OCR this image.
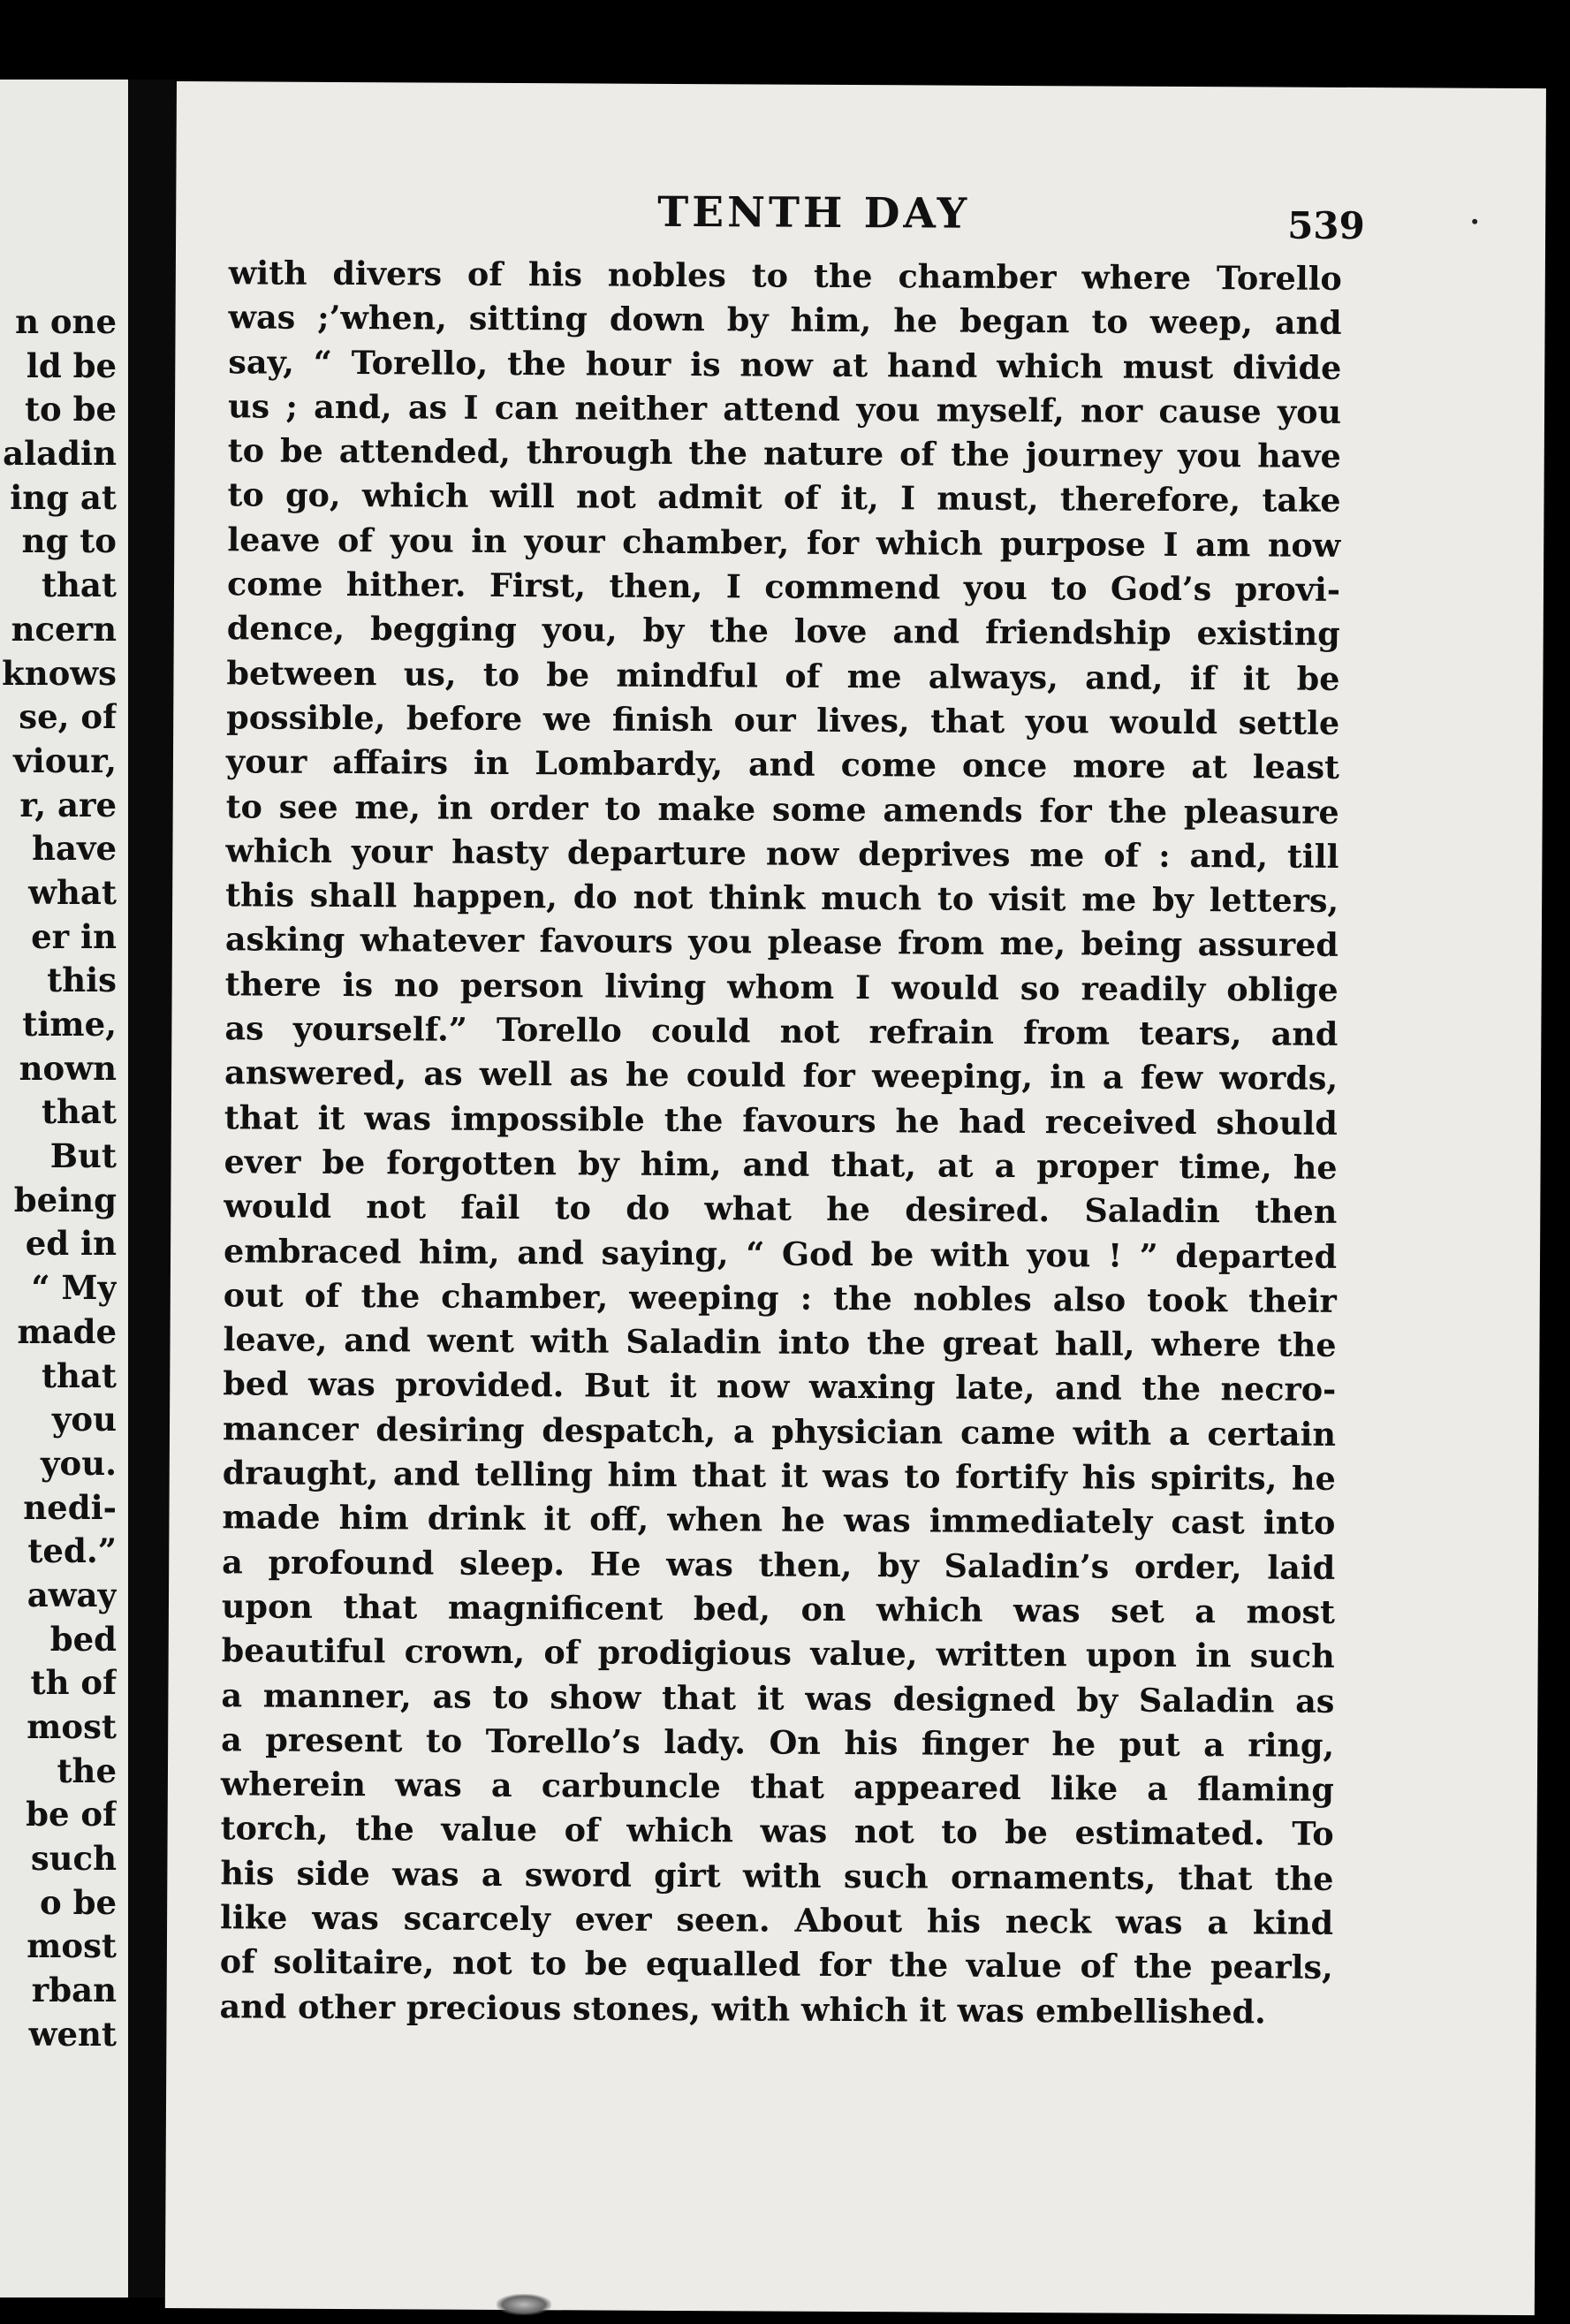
n one
ld be
to be
aladin
ing at
ng to
that
ncern
knows
se, of
viour,
r, are
have
what
er in
this
time,
nown
that
But
being
ed in
“ My
made
that
you
you.
nedi-
ted.”
away
bed
th of
most
the
be of
such
o be
most
rban
went
TENTH DAY	539
with divers of his nobles to the chamber where Torello
was ;’when, sitting down by him, he began to weep, and
say, “ Torello, the hour is now at hand which must divide
us ; and, as I can neither attend you myself, nor cause you
to be attended, through the nature of the journey you have
to go, which will not admit of it, I must, therefore, take
leave of you in your chamber, for which purpose I am now
come hither. First, then, I commend you to God’s provi-
dence, begging you, by the love and friendship existing
between us, to be mindful of me always, and, if it be
possible, before we finish our lives, that you would settle
your affairs in Lombardy, and come once more at least
to see me, in order to make some amends for the pleasure
which your hasty departure now deprives me of : and, till
this shall happen, do not think much to visit me by letters,
asking whatever favours you please from me, being assured
there is no person living whom I would so readily oblige
as yourself.” Torello could not refrain from tears, and
answered, as well as he could for weeping, in a few words,
that it was impossible the favours he had received should
ever be forgotten by him, and that, at a proper time, he
would not fail to do what he desired. Saladin then
embraced him, and saying, “ God be with you ! ” departed
out of the chamber, weeping : the nobles also took their
leave, and went with Saladin into the great hall, where the
bed was provided. But it now waxing late, and the necro-
mancer desiring despatch, a physician came with a certain
draught, and telling him that it was to fortify his spirits, he
made him drink it off, when he was immediately cast into
a profound sleep. He was then, by Saladin’s order, laid
upon that magnificent bed, on which was set a most
beautiful crown, of prodigious value, written upon in such
a manner, as to show that it was designed by Saladin as
a present to Torello’s lady. On his finger he put a ring,
wherein was a carbuncle that appeared like a flaming
torch, the value of which was not to be estimated. To
his side was a sword girt with such ornaments, that the
like was scarcely ever seen. About his neck was a kind
of solitaire, not to be equalled for the value of the pearls,
and other precious stones, with which it was embellished.
